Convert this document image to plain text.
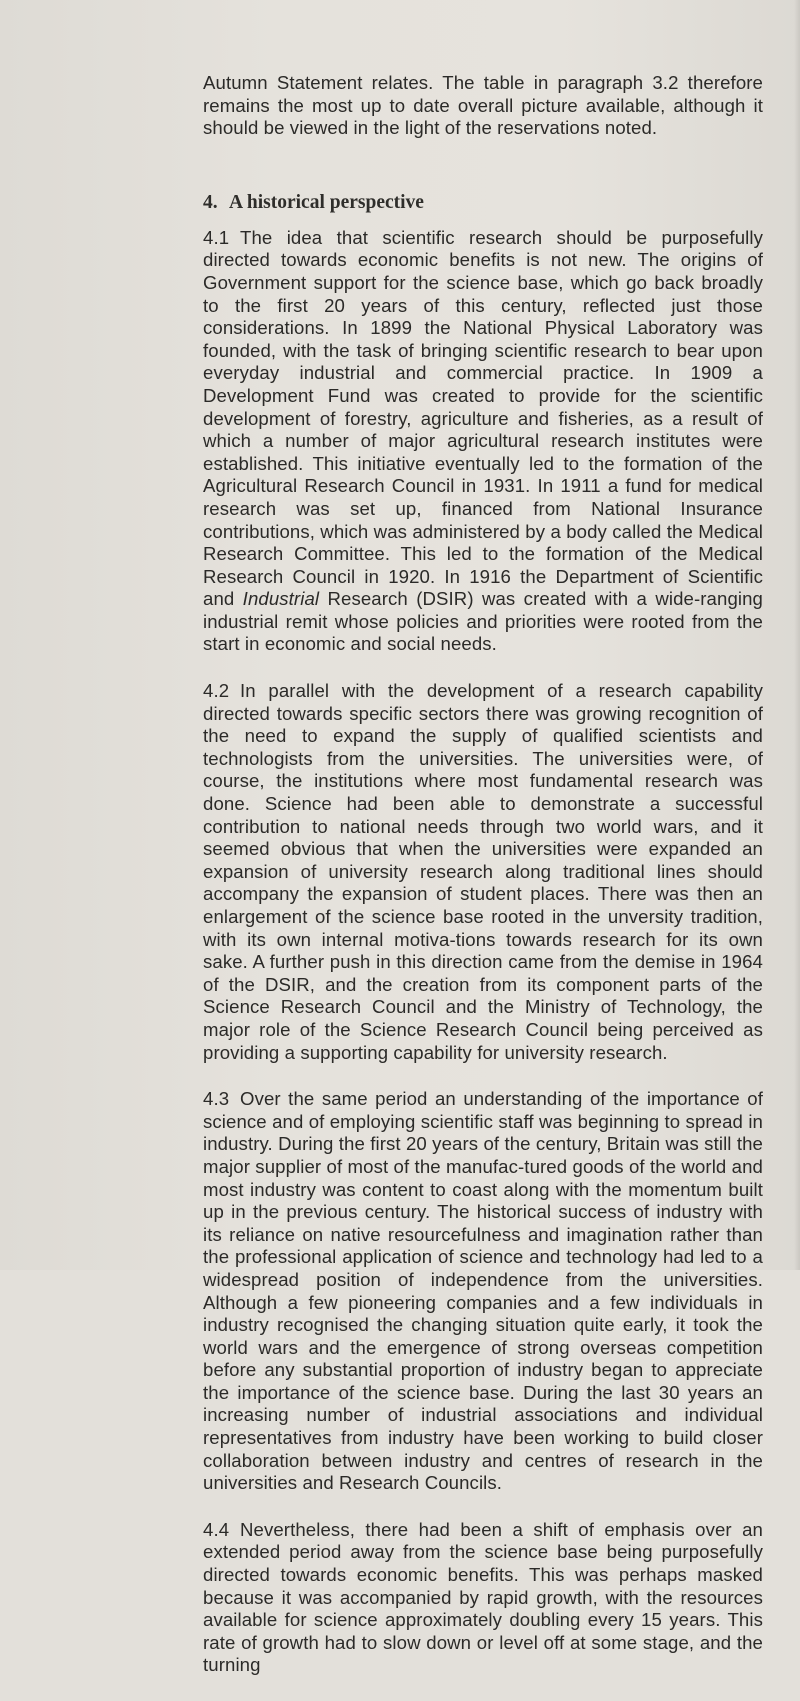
Autumn Statement relates. The table in paragraph 3.2 therefore remains the most up to date overall picture available, although it should be viewed in the light of the reservations noted.

4. A historical perspective

4.1 The idea that scientific research should be purposefully directed towards economic benefits is not new. The origins of Government support for the science base, which go back broadly to the first 20 years of this century, reflected just those considerations. In 1899 the National Physical Laboratory was founded, with the task of bringing scientific research to bear upon everyday industrial and commercial practice. In 1909 a Development Fund was created to provide for the scientific development of forestry, agriculture and fisheries, as a result of which a number of major agricultural research institutes were established. This initiative eventually led to the formation of the Agricultural Research Council in 1931. In 1911 a fund for medical research was set up, financed from National Insurance contributions, which was administered by a body called the Medical Research Committee. This led to the formation of the Medical Research Council in 1920. In 1916 the Department of Scientific and Industrial Research (DSIR) was created with a wide-ranging industrial remit whose policies and priorities were rooted from the start in economic and social needs.

4.2 In parallel with the development of a research capability directed towards specific sectors there was growing recognition of the need to expand the supply of qualified scientists and technologists from the universities. The universities were, of course, the institutions where most fundamental research was done. Science had been able to demonstrate a successful contribution to national needs through two world wars, and it seemed obvious that when the universities were expanded an expansion of university research along traditional lines should accompany the expansion of student places. There was then an enlargement of the science base rooted in the unversity tradition, with its own internal motiva-tions towards research for its own sake. A further push in this direction came from the demise in 1964 of the DSIR, and the creation from its component parts of the Science Research Council and the Ministry of Technology, the major role of the Science Research Council being perceived as providing a supporting capability for university research.

4.3 Over the same period an understanding of the importance of science and of employing scientific staff was beginning to spread in industry. During the first 20 years of the century, Britain was still the major supplier of most of the manufac-tured goods of the world and most industry was content to coast along with the momentum built up in the previous century. The historical success of industry with its reliance on native resourcefulness and imagination rather than the professional application of science and technology had led to a widespread position of independence from the universities. Although a few pioneering companies and a few individuals in industry recognised the changing situation quite early, it took the world wars and the emergence of strong overseas competition before any substantial proportion of industry began to appreciate the importance of the science base. During the last 30 years an increasing number of industrial associations and individual representatives from industry have been working to build closer collaboration between industry and centres of research in the universities and Research Councils.

4.4 Nevertheless, there had been a shift of emphasis over an extended period away from the science base being purposefully directed towards economic benefits. This was perhaps masked because it was accompanied by rapid growth, with the resources available for science approximately doubling every 15 years. This rate of growth had to slow down or level off at some stage, and the turning
